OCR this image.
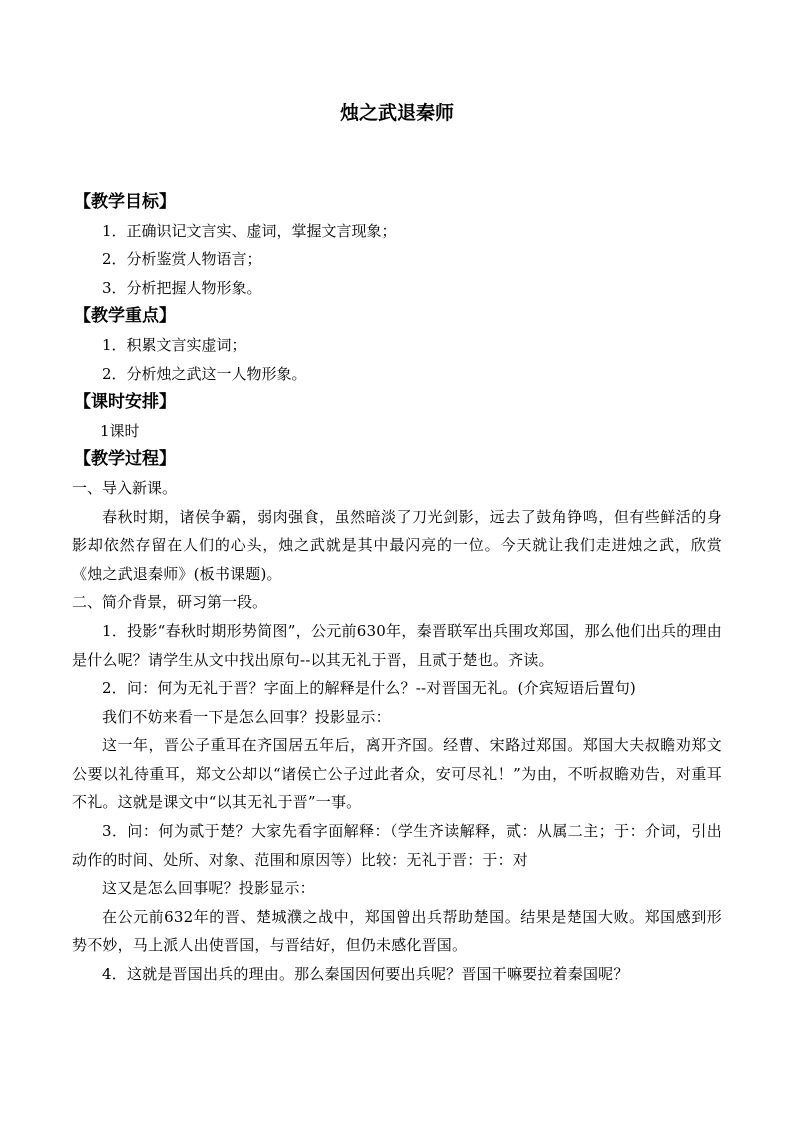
烛之武退秦师
【教学目标】
1．正确识记文言实、虚词，掌握文言现象；
2．分析鉴赏人物语言；
3．分析把握人物形象。
【教学重点】
1．积累文言实虚词；
2．分析烛之武这一人物形象。
【课时安排】
1课时
【教学过程】
一、导入新课。
春秋时期，诸侯争霸，弱肉强食，虽然暗淡了刀光剑影，远去了鼓角铮鸣，但有些鲜活的身影却依然存留在人们的心头，烛之武就是其中最闪亮的一位。今天就让我们走进烛之武，欣赏《烛之武退秦师》(板书课题)。
二、简介背景，研习第一段。
1．投影“春秋时期形势简图”，公元前630年，秦晋联军出兵围攻郑国，那么他们出兵的理由是什么呢？请学生从文中找出原句--以其无礼于晋，且贰于楚也。齐读。
2．问：何为无礼于晋？字面上的解释是什么？--对晋国无礼。(介宾短语后置句)
我们不妨来看一下是怎么回事？投影显示：
这一年，晋公子重耳在齐国居五年后，离开齐国。经曹、宋路过郑国。郑国大夫叔瞻劝郑文公要以礼待重耳，郑文公却以“诸侯亡公子过此者众，安可尽礼！”为由，不听叔瞻劝告，对重耳不礼。这就是课文中“以其无礼于晋”一事。
3．问：何为贰于楚？大家先看字面解释：（学生齐读解释，贰：从属二主；于：介词，引出动作的时间、处所、对象、范围和原因等）比较：无礼于晋：于：对
这又是怎么回事呢？投影显示：
在公元前632年的晋、楚城濮之战中，郑国曾出兵帮助楚国。结果是楚国大败。郑国感到形势不妙，马上派人出使晋国，与晋结好，但仍未感化晋国。
4．这就是晋国出兵的理由。那么秦国因何要出兵呢？晋国干嘛要拉着秦国呢？
